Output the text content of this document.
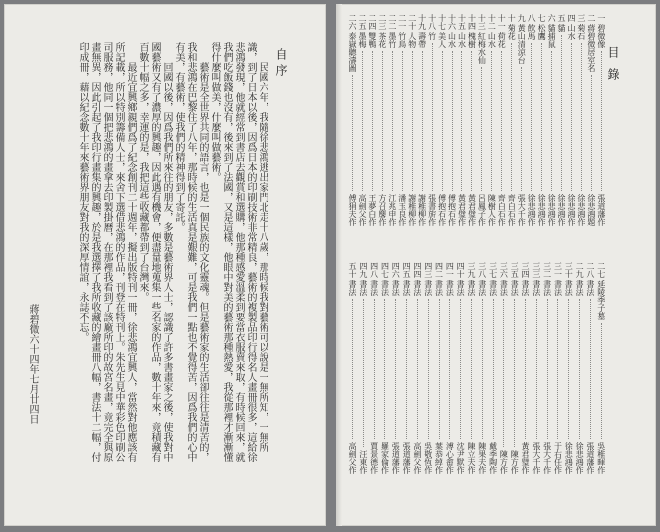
自序

民國六年，我隨徐悲鴻逃出家門北走十八歲，那時候我對藝術可以說是一無所知，一無所識，到了日本以後，因爲日本的印刷技術非常精良，藝術的複製品印行得名人畫冊很多，這給徐悲鴻發現，他就經常到書店去觀賞和選購，他那種感愛溫柔到要當衣服賣來取，有時候回來，就我們吃飯錢也沒有，後來到了法國，又是這樣，他眼中對美的藝術那種熱愛，我從那裡才漸漸懂得什麼叫做美，什麼叫做藝術。

藝術是全世界共同的語言，也是一個民族的文化靈魂。但是藝術家的生活卻往往是清苦的，我和悲鴻在巴黎住了八年，那時候的生活真是艱難，可是我們一點也不覺得苦，因爲我們的心中有美，有藝術，使我們的精神得到了寄託。

回國以後，因爲我們所來往的朋友，多數是藝術界人士，認識了許多書畫家之後，使我對中國藝術又有了濃厚的興趣，因此遇有機會，便盡量地蒐集一些名家的作品，數十年來，竟積藏有百數十幅之多，幸運的是，我把這些收藏都帶到了台灣來。

最近宜興鄉親們爲了紀念創刊二十週年，擬出版特刊一冊，徐悲鴻宜興人，當然對他應該有所記載，所以特別籌備人士，來舍下選借悲鴻的作品，刊登在特刊上。朱先生見中華彩色印刷公司服務，他同一個把悲鴻的畫拿去印製掛曆，在那裡我看到了該廠所印的故宮名畫，竟完全與原畫無異，因此引起了我印行畫集的興趣，於是我選擇了我所收藏的繪畫冊八幅，書法十二幅，付印成冊，藉以紀念數十年來藝術界朋友對我的深厚情誼，永誌不忘。

蔣碧微六十四年七月廿四日
目錄
一
碧微像
張道藩作
二
蔣碧微居室名
徐悲鴻題
三
菊石
徐悲鴻作
四
山水
徐悲鴻作
五
貓
徐悲鴻作
六
貓捕鼠
徐悲鴻作
七
松鷹
徐悲鴻作
八
飲馬
徐悲鴻作
九
黃山清涼台
張大千作
十
菊花
齊白石作
十一
荷花
齊白石作
十二
山水
陳樹人作
十三
紅梅水仙
呂鳳子作
十四
槐樹
黃君璧作
十五
山水
黃君璧作
十六
山水
傅抱石作
十七
美人
傅抱石作
十八
竹
張書旂作
十九
壽帶
謝稚柳作
二十
人物
謝稚柳作
二一
竹鳥
潘玉良作
二二
墨竹
江兆申作
二三
茶花
方召麐作
二四
雙鴨
王夢白作
二五
墨梅
高劍父作
二六
泰嶽聽濤圖
傅狷夫作
二七
延陵季子墓
吳稚暉作
二八
書法
張道藩作
二九
書法
徐悲鴻作
三十
書法
徐悲鴻作
三一
書法
于右任作
三二
書法
張大千作
三三
書法
張大千作
三四
書法
黃君璧作
三五
書法
陳方作
三六
書法
陳方作
三七
書法
戴季陶作
三八
書法
陳果夫作
三九
書法
陳立夫作
四十
書法
沈尹默作
四一
書法
溥心畬作
四二
書法
葉恭綽作
四三
書法
吳敬恆作
四四
書法
高劍父作
四五
書法
張道藩作
四六
書法
張道藩作
四七
書法
羅家倫作
四八
書法
賈景德作
四九
書法
汪東作
五十
書法
高劍父作
